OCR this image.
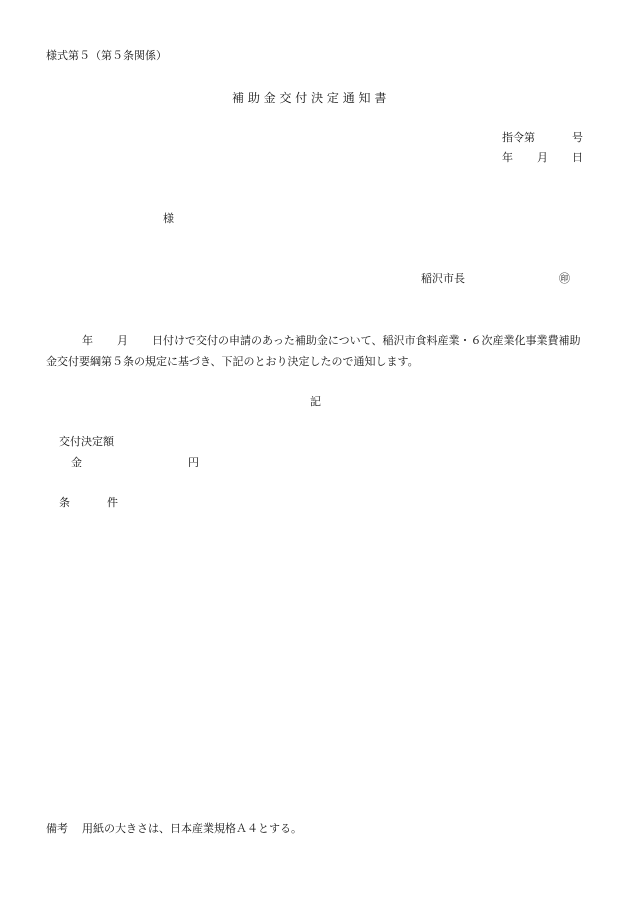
様式第５（第５条関係）
補 助 金 交 付 決 定 通 知 書
指令第	号
年 月 日
様
稲沢市長	㊞
年 月 日付けで交付の申請のあった補助金について、稲沢市食料産業・６次産業化事業費補助金交付要綱第５条の規定に基づき、下記のとおり決定したので通知します。
記
交付決定額
金	円
条	件
備考 用紙の大きさは、日本産業規格Ａ４とする。
